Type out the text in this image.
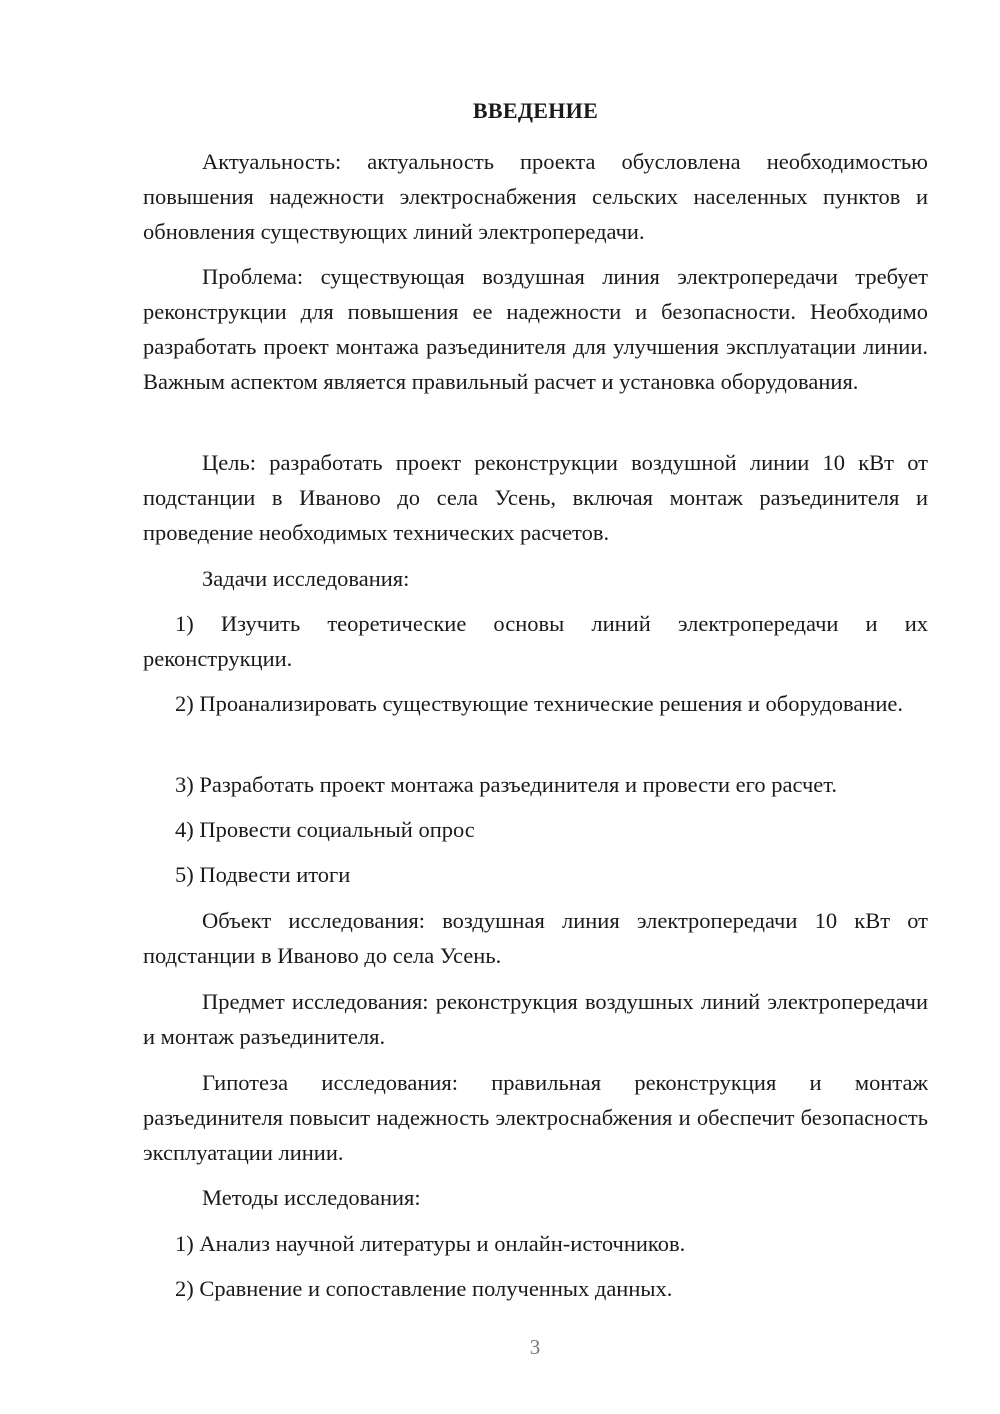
ВВЕДЕНИЕ

Актуальность: актуальность проекта обусловлена необходимостью повышения надежности электроснабжения сельских населенных пунктов и обновления существующих линий электропередачи.

Проблема: существующая воздушная линия электропередачи требует реконструкции для повышения ее надежности и безопасности. Необходимо разработать проект монтажа разъединителя для улучшения эксплуатации линии. Важным аспектом является правильный расчет и установка оборудования.

Цель: разработать проект реконструкции воздушной линии 10 кВт от подстанции в Иваново до села Усень, включая монтаж разъединителя и проведение необходимых технических расчетов.

Задачи исследования:

1) Изучить теоретические основы линий электропередачи и их реконструкции.

2) Проанализировать существующие технические решения и оборудование.

3) Разработать проект монтажа разъединителя и провести его расчет.

4) Провести социальный опрос

5) Подвести итоги

Объект исследования: воздушная линия электропередачи 10 кВт от подстанции в Иваново до села Усень.

Предмет исследования: реконструкция воздушных линий электропередачи и монтаж разъединителя.

Гипотеза исследования: правильная реконструкция и монтаж разъединителя повысит надежность электроснабжения и обеспечит безопасность эксплуатации линии.

Методы исследования:

1) Анализ научной литературы и онлайн-источников.

2) Сравнение и сопоставление полученных данных.

3
